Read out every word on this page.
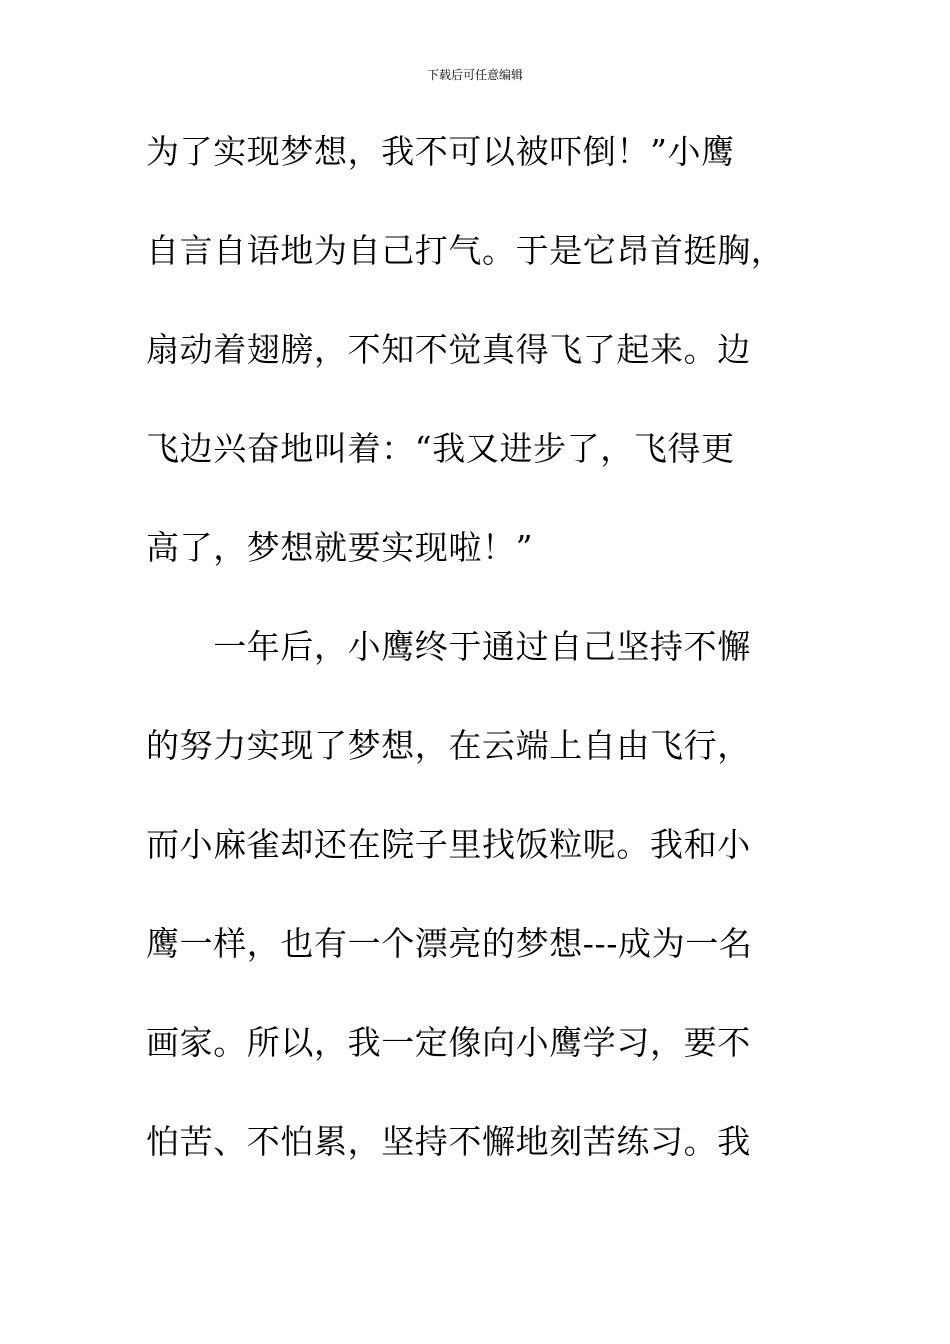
下载后可任意编辑
为了实现梦想，我不可以被吓倒！”小鹰
自言自语地为自己打气。于是它昂首挺胸，
扇动着翅膀，不知不觉真得飞了起来。边
飞边兴奋地叫着：“我又进步了，飞得更
高了，梦想就要实现啦！”
　　一年后，小鹰终于通过自己坚持不懈
的努力实现了梦想，在云端上自由飞行，
而小麻雀却还在院子里找饭粒呢。我和小
鹰一样，也有一个漂亮的梦想---成为一名
画家。所以，我一定像向小鹰学习，要不
怕苦、不怕累，坚持不懈地刻苦练习。我
